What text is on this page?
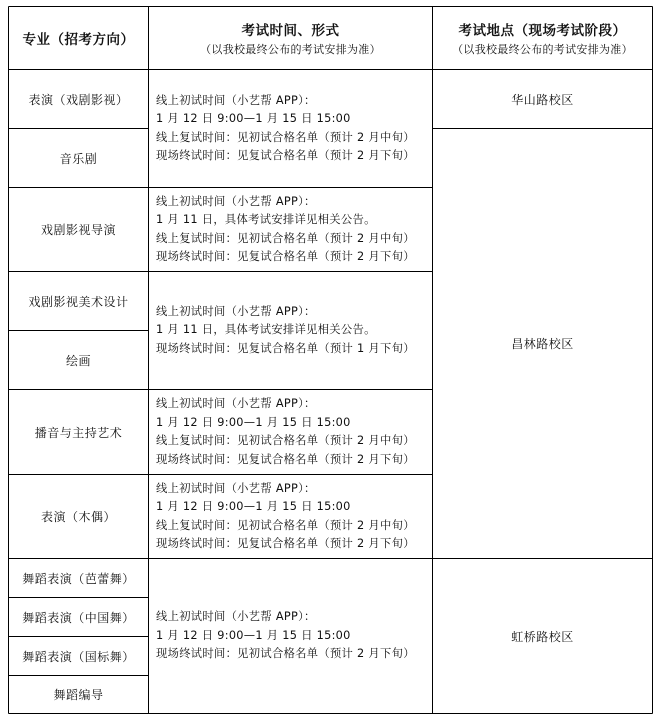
专业（招考方向）
考试时间、形式
（以我校最终公布的考试安排为准）
考试地点（现场考试阶段）
（以我校最终公布的考试安排为准）
表演（戏剧影视）
音乐剧
戏剧影视导演
戏剧影视美术设计
绘画
播音与主持艺术
表演（木偶）
舞蹈表演（芭蕾舞）
舞蹈表演（中国舞）
舞蹈表演（国标舞）
舞蹈编导
线上初试时间（小艺帮 APP）：
1 月 12 日 9:00—1 月 15 日 15:00
线上复试时间：见初试合格名单（预计 2 月中旬）
现场终试时间：见复试合格名单（预计 2 月下旬）
线上初试时间（小艺帮 APP）：
1 月 11 日，具体考试安排详见相关公告。
线上复试时间：见初试合格名单（预计 2 月中旬）
现场终试时间：见复试合格名单（预计 2 月下旬）
线上初试时间（小艺帮 APP）：
1 月 11 日，具体考试安排详见相关公告。
现场终试时间：见复试合格名单（预计 1 月下旬）
线上初试时间（小艺帮 APP）：
1 月 12 日 9:00—1 月 15 日 15:00
线上复试时间：见初试合格名单（预计 2 月中旬）
现场终试时间：见复试合格名单（预计 2 月下旬）
线上初试时间（小艺帮 APP）：
1 月 12 日 9:00—1 月 15 日 15:00
线上复试时间：见初试合格名单（预计 2 月中旬）
现场终试时间：见复试合格名单（预计 2 月下旬）
线上初试时间（小艺帮 APP）：
1 月 12 日 9:00—1 月 15 日 15:00
现场终试时间：见初试合格名单（预计 2 月下旬）
华山路校区
昌林路校区
虹桥路校区
